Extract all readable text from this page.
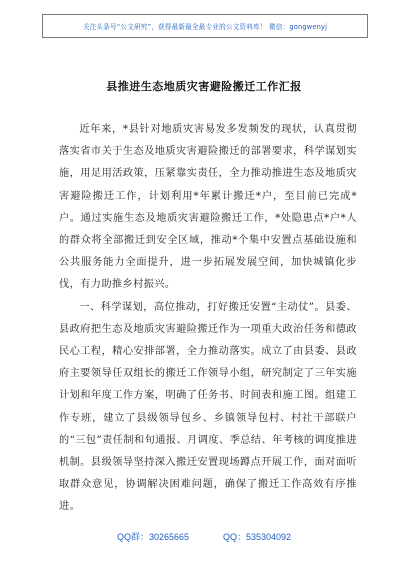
关注头条号“公文研究”，获得最新最全最专业的公文资料库！ 微信：gongwenyj
县推进生态地质灾害避险搬迁工作汇报

近年来，*县针对地质灾害易发多发频发的现状，认真贯彻落实省市关于生态及地质灾害避险搬迁的部署要求，科学谋划实施，用足用活政策，压紧靠实责任，全力推动推进生态及地质灾害避险搬迁工作，计划利用*年累计搬迁*户，至目前已完成*户。通过实施生态及地质灾害避险搬迁工作，*处隐患点*户*人的群众将全部搬迁到安全区域，推动*个集中安置点基础设施和公共服务能力全面提升，进一步拓展发展空间，加快城镇化步伐，有力助推乡村振兴。

一、科学谋划，高位推动，打好搬迁安置“主动仗”。县委、县政府把生态及地质灾害避险搬迁作为一项重大政治任务和德政民心工程，精心安排部署，全力推动落实。成立了由县委、县政府主要领导任双组长的搬迁工作领导小组，研究制定了三年实施计划和年度工作方案，明确了任务书、时间表和施工图。组建工作专班，建立了县级领导包乡、乡镇领导包村、村社干部联户的“三包”责任制和旬通报、月调度、季总结、年考核的调度推进机制。县级领导坚持深入搬迁安置现场蹲点开展工作，面对面听取群众意见，协调解决困难问题，确保了搬迁工作高效有序推进。

QQ群：30265665	QQ：535304092
